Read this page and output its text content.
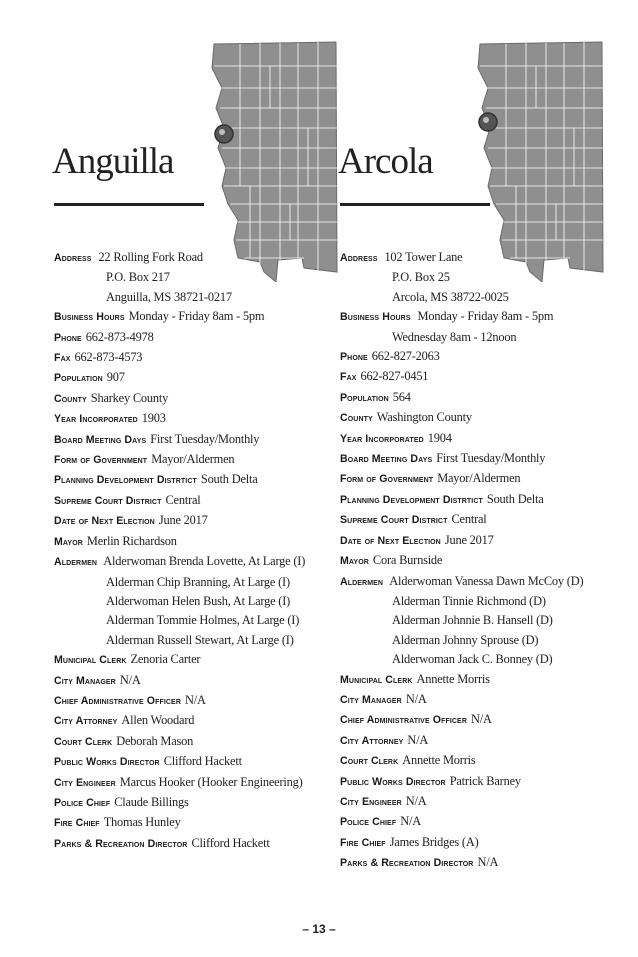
Anguilla
Address 22 Rolling Fork Road
P.O. Box 217
Anguilla, MS 38721-0217
Business Hours Monday - Friday 8am - 5pm
Phone 662-873-4978
Fax 662-873-4573
Population 907
County Sharkey County
Year Incorporated 1903
Board Meeting Days First Tuesday/Monthly
Form of Government Mayor/Aldermen
Planning Development Distrtict South Delta
Supreme Court District Central
Date of Next Election June 2017
Mayor Merlin Richardson
Aldermen Alderwoman Brenda Lovette, At Large (I)
Alderman Chip Branning, At Large (I)
Alderwoman Helen Bush, At Large (I)
Alderman Tommie Holmes, At Large (I)
Alderman Russell Stewart, At Large (I)
Municipal Clerk Zenoria Carter
City Manager N/A
Chief Administrative Officer N/A
City Attorney Allen Woodard
Court Clerk Deborah Mason
Public Works Director Clifford Hackett
City Engineer Marcus Hooker (Hooker Engineering)
Police Chief Claude Billings
Fire Chief Thomas Hunley
Parks & Recreation Director Clifford Hackett
Arcola
Address 102 Tower Lane
P.O. Box 25
Arcola, MS 38722-0025
Business Hours Monday - Friday 8am - 5pm
Wednesday 8am - 12noon
Phone 662-827-2063
Fax 662-827-0451
Population 564
County Washington County
Year Incorporated 1904
Board Meeting Days First Tuesday/Monthly
Form of Government Mayor/Aldermen
Planning Development Distrtict South Delta
Supreme Court District Central
Date of Next Election June 2017
Mayor Cora Burnside
Aldermen Alderwoman Vanessa Dawn McCoy (D)
Alderman Tinnie Richmond (D)
Alderman Johnnie B. Hansell (D)
Alderman Johnny Sprouse (D)
Alderwoman Jack C. Bonney (D)
Municipal Clerk Annette Morris
City Manager N/A
Chief Administrative Officer N/A
City Attorney N/A
Court Clerk Annette Morris
Public Works Director Patrick Barney
City Engineer N/A
Police Chief N/A
Fire Chief James Bridges (A)
Parks & Recreation Director N/A
– 13 –
